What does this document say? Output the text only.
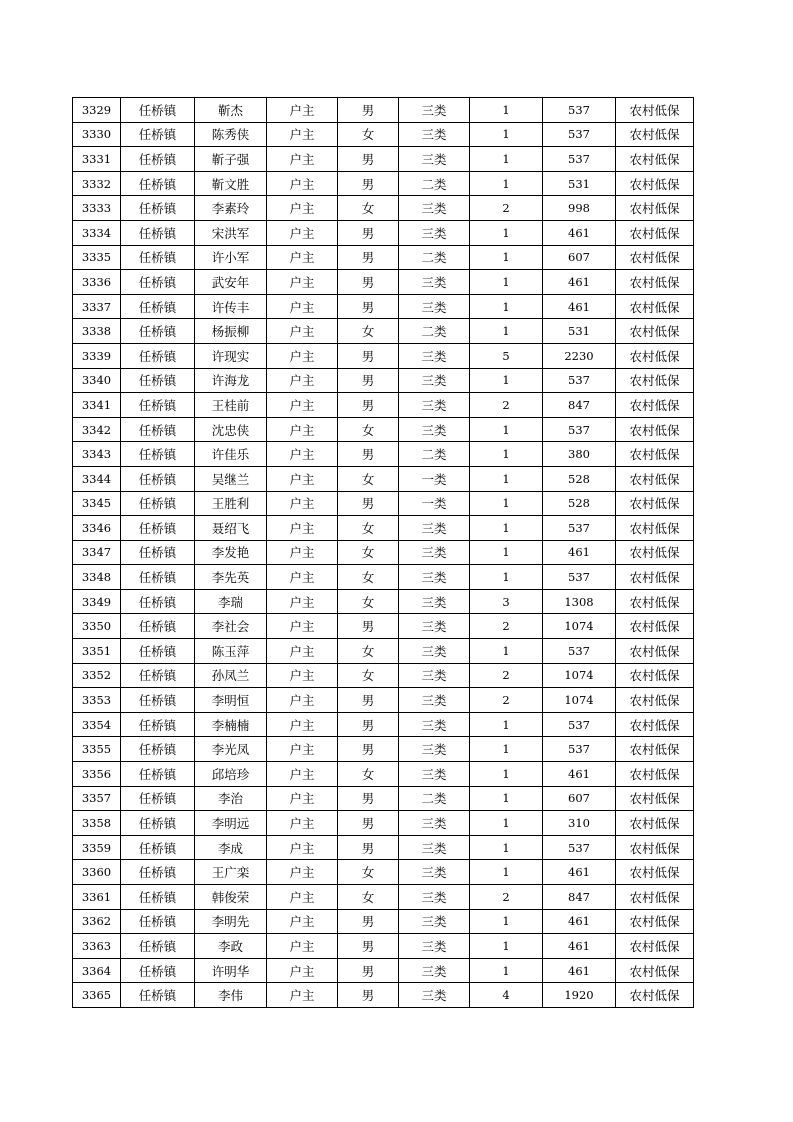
3329	任桥镇	靳杰	户主	男	三类	1	537	农村低保
3330	任桥镇	陈秀侠	户主	女	三类	1	537	农村低保
3331	任桥镇	靳子强	户主	男	三类	1	537	农村低保
3332	任桥镇	靳文胜	户主	男	二类	1	531	农村低保
3333	任桥镇	李素玲	户主	女	三类	2	998	农村低保
3334	任桥镇	宋洪军	户主	男	三类	1	461	农村低保
3335	任桥镇	许小军	户主	男	二类	1	607	农村低保
3336	任桥镇	武安年	户主	男	三类	1	461	农村低保
3337	任桥镇	许传丰	户主	男	三类	1	461	农村低保
3338	任桥镇	杨振柳	户主	女	二类	1	531	农村低保
3339	任桥镇	许现实	户主	男	三类	5	2230	农村低保
3340	任桥镇	许海龙	户主	男	三类	1	537	农村低保
3341	任桥镇	王桂前	户主	男	三类	2	847	农村低保
3342	任桥镇	沈忠侠	户主	女	三类	1	537	农村低保
3343	任桥镇	许佳乐	户主	男	二类	1	380	农村低保
3344	任桥镇	吴继兰	户主	女	一类	1	528	农村低保
3345	任桥镇	王胜利	户主	男	一类	1	528	农村低保
3346	任桥镇	聂绍飞	户主	女	三类	1	537	农村低保
3347	任桥镇	李发艳	户主	女	三类	1	461	农村低保
3348	任桥镇	李先英	户主	女	三类	1	537	农村低保
3349	任桥镇	李瑞	户主	女	三类	3	1308	农村低保
3350	任桥镇	李社会	户主	男	三类	2	1074	农村低保
3351	任桥镇	陈玉萍	户主	女	三类	1	537	农村低保
3352	任桥镇	孙凤兰	户主	女	三类	2	1074	农村低保
3353	任桥镇	李明恒	户主	男	三类	2	1074	农村低保
3354	任桥镇	李楠楠	户主	男	三类	1	537	农村低保
3355	任桥镇	李光凤	户主	男	三类	1	537	农村低保
3356	任桥镇	邱培珍	户主	女	三类	1	461	农村低保
3357	任桥镇	李治	户主	男	二类	1	607	农村低保
3358	任桥镇	李明远	户主	男	三类	1	310	农村低保
3359	任桥镇	李成	户主	男	三类	1	537	农村低保
3360	任桥镇	王广栾	户主	女	三类	1	461	农村低保
3361	任桥镇	韩俊荣	户主	女	三类	2	847	农村低保
3362	任桥镇	李明先	户主	男	三类	1	461	农村低保
3363	任桥镇	李政	户主	男	三类	1	461	农村低保
3364	任桥镇	许明华	户主	男	三类	1	461	农村低保
3365	任桥镇	李伟	户主	男	三类	4	1920	农村低保
